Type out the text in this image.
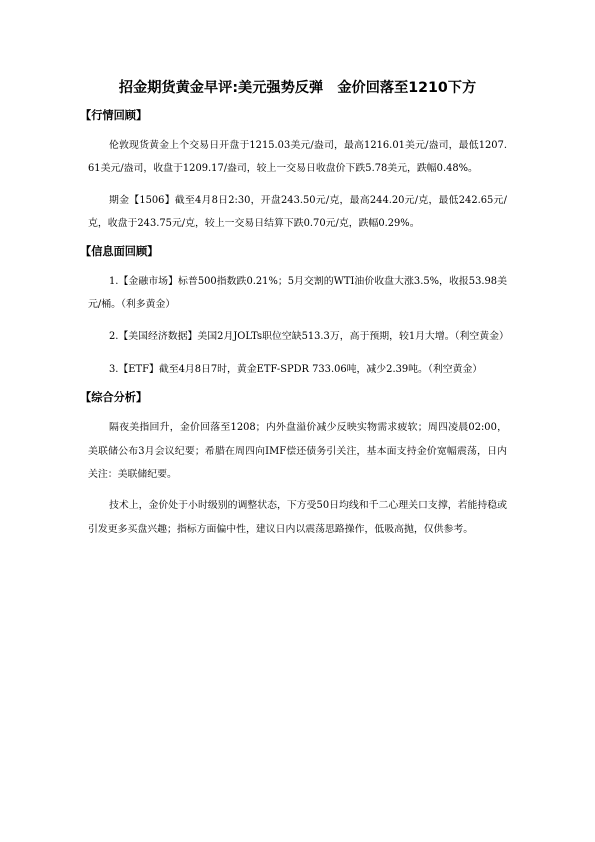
招金期货黄金早评:美元强势反弹　金价回落至1210下方
【行情回顾】

伦敦现货黄金上个交易日开盘于1215.03美元/盎司，最高1216.01美元/盎司，最低1207.61美元/盎司，收盘于1209.17/盎司，较上一交易日收盘价下跌5.78美元，跌幅0.48%。

期金【1506】截至4月8日2:30，开盘243.50元/克，最高244.20元/克，最低242.65元/克，收盘于243.75元/克，较上一交易日结算下跌0.70元/克，跌幅0.29%。

【信息面回顾】

1.【金融市场】标普500指数跌0.21%；5月交割的WTI油价收盘大涨3.5%，收报53.98美元/桶。（利多黄金）

2.【美国经济数据】美国2月JOLTs职位空缺513.3万，高于预期，较1月大增。（利空黄金）

3.【ETF】截至4月8日7时，黄金ETF-SPDR 733.06吨，减少2.39吨。（利空黄金）

【综合分析】

隔夜美指回升，金价回落至1208；内外盘溢价减少反映实物需求疲软；周四凌晨02:00，美联储公布3月会议纪要；希腊在周四向IMF偿还债务引关注，基本面支持金价宽幅震荡，日内关注：美联储纪要。

技术上，金价处于小时级别的调整状态，下方受50日均线和千二心理关口支撑，若能持稳或引发更多买盘兴趣；指标方面偏中性，建议日内以震荡思路操作，低吸高抛，仅供参考。
